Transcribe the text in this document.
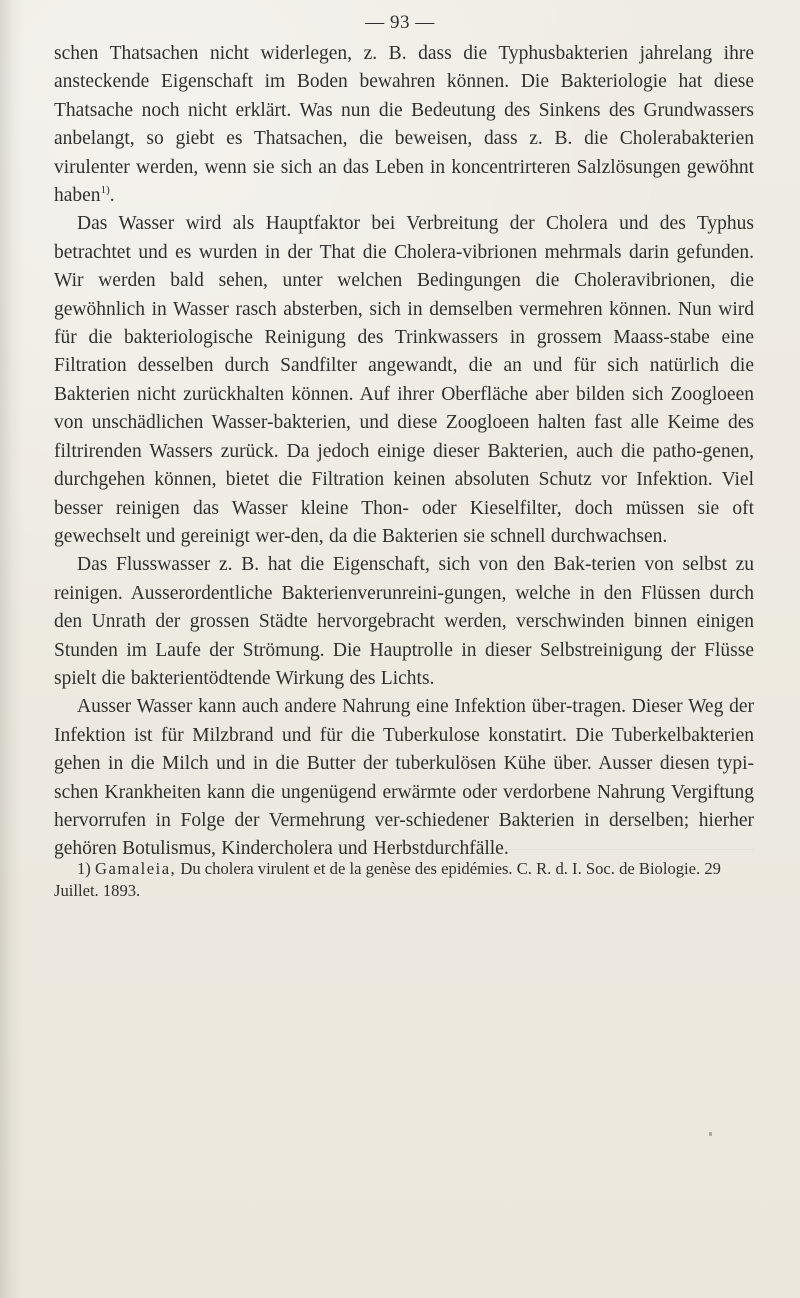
— 93 —

schen Thatsachen nicht widerlegen, z. B. dass die Typhusbakterien jahrelang ihre ansteckende Eigenschaft im Boden bewahren können. Die Bakteriologie hat diese Thatsache noch nicht erklärt. Was nun die Bedeutung des Sinkens des Grundwassers anbelangt, so giebt es Thatsachen, die beweisen, dass z. B. die Cholerabakterien virulenter werden, wenn sie sich an das Leben in koncentrirteren Salzlösungen gewöhnt haben$^{1)}$.

Das Wasser wird als Hauptfaktor bei Verbreitung der Cholera und des Typhus betrachtet und es wurden in der That die Cholera-vibrionen mehrmals darin gefunden. Wir werden bald sehen, unter welchen Bedingungen die Choleravibrionen, die gewöhnlich in Wasser rasch absterben, sich in demselben vermehren können. Nun wird für die bakteriologische Reinigung des Trinkwassers in grossem Maass-stabe eine Filtration desselben durch Sandfilter angewandt, die an und für sich natürlich die Bakterien nicht zurückhalten können. Auf ihrer Oberfläche aber bilden sich Zoogloeen von unschädlichen Wasser-bakterien, und diese Zoogloeen halten fast alle Keime des filtrirenden Wassers zurück. Da jedoch einige dieser Bakterien, auch die patho-genen, durchgehen können, bietet die Filtration keinen absoluten Schutz vor Infektion. Viel besser reinigen das Wasser kleine Thon- oder Kieselfilter, doch müssen sie oft gewechselt und gereinigt wer-den, da die Bakterien sie schnell durchwachsen.

Das Flusswasser z. B. hat die Eigenschaft, sich von den Bak-terien von selbst zu reinigen. Ausserordentliche Bakterienverunreini-gungen, welche in den Flüssen durch den Unrath der grossen Städte hervorgebracht werden, verschwinden binnen einigen Stunden im Laufe der Strömung. Die Hauptrolle in dieser Selbstreinigung der Flüsse spielt die bakterientödtende Wirkung des Lichts.

Ausser Wasser kann auch andere Nahrung eine Infektion über-tragen. Dieser Weg der Infektion ist für Milzbrand und für die Tuberkulose konstatirt. Die Tuberkelbakterien gehen in die Milch und in die Butter der tuberkulösen Kühe über. Ausser diesen typi-schen Krankheiten kann die ungenügend erwärmte oder verdorbene Nahrung Vergiftung hervorrufen in Folge der Vermehrung ver-schiedener Bakterien in derselben; hierher gehören Botulismus, Kindercholera und Herbstdurchfälle.

1) Gamaleia, Du cholera virulent et de la genèse des epidémies. C. R. d. I. Soc. de Biologie. 29 Juillet. 1893.
